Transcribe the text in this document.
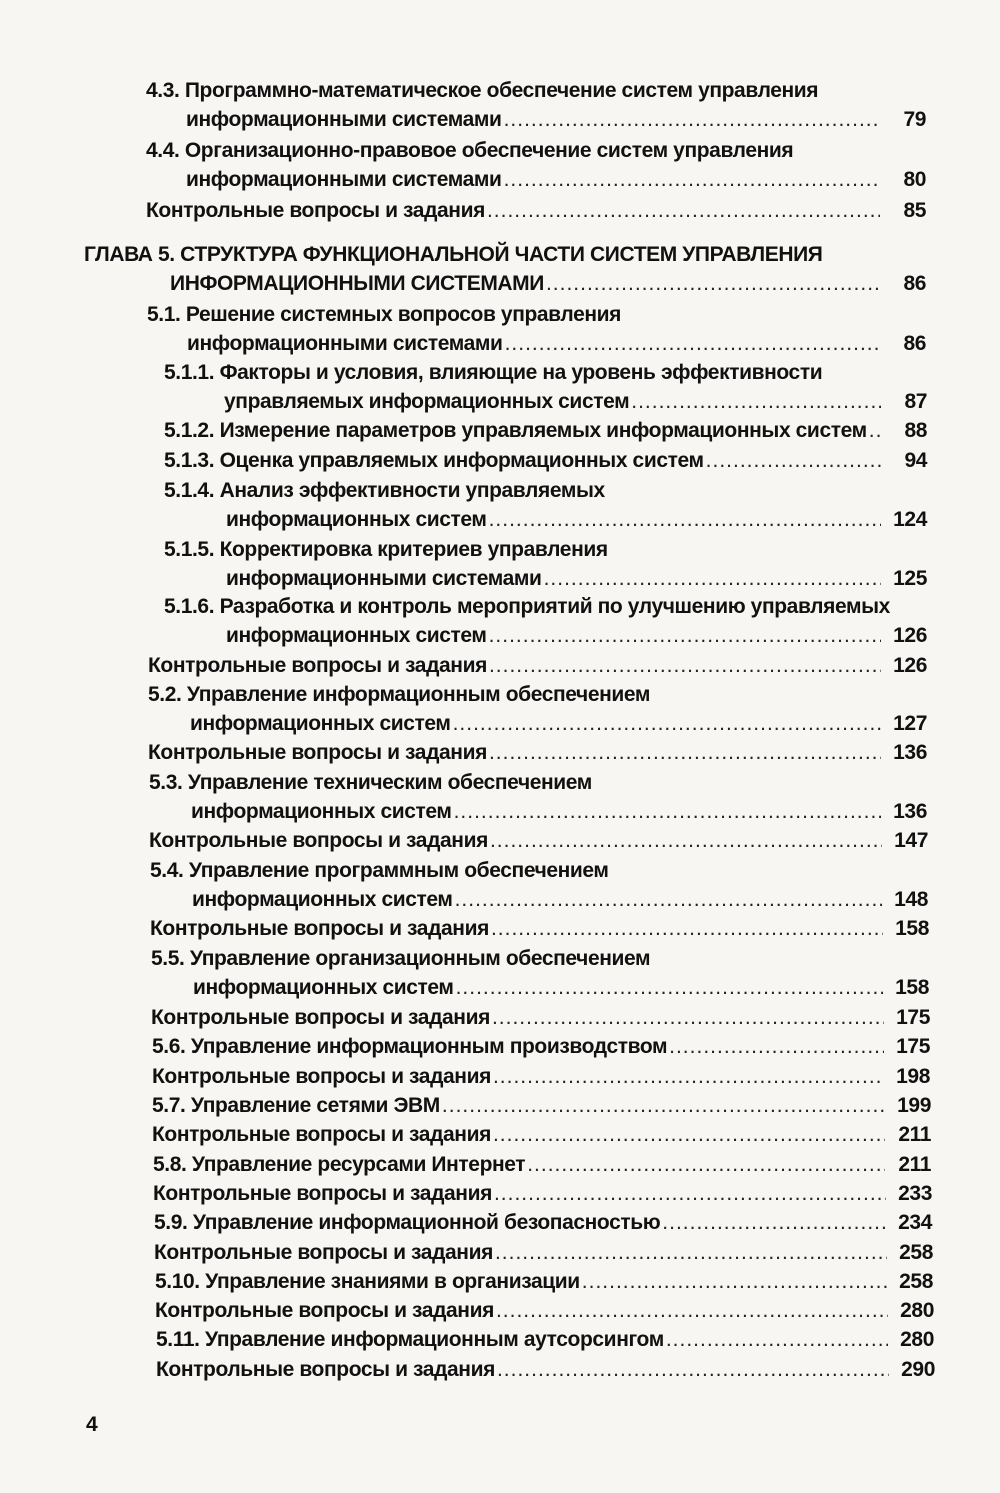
4.3. Программно-математическое обеспечение систем управления
информационными системами .....	79
4.4. Организационно-правовое обеспечение систем управления
информационными системами .....	80
Контрольные вопросы и задания .....	85
ГЛАВА 5. СТРУКТУРА ФУНКЦИОНАЛЬНОЙ ЧАСТИ СИСТЕМ УПРАВЛЕНИЯ
ИНФОРМАЦИОННЫМИ СИСТЕМАМИ .....	86
5.1. Решение системных вопросов управления
информационными системами .....	86
5.1.1. Факторы и условия, влияющие на уровень эффективности
управляемых информационных систем .....	87
5.1.2. Измерение параметров управляемых информационных систем .....	88
5.1.3. Оценка управляемых информационных систем .....	94
5.1.4. Анализ эффективности управляемых
информационных систем .....	124
5.1.5. Корректировка критериев управления
информационными системами .....	125
5.1.6. Разработка и контроль мероприятий по улучшению управляемых
информационных систем .....	126
Контрольные вопросы и задания .....	126
5.2. Управление информационным обеспечением
информационных систем .....	127
Контрольные вопросы и задания .....	136
5.3. Управление техническим обеспечением
информационных систем .....	136
Контрольные вопросы и задания .....	147
5.4. Управление программным обеспечением
информационных систем .....	148
Контрольные вопросы и задания .....	158
5.5. Управление организационным обеспечением
информационных систем .....	158
Контрольные вопросы и задания .....	175
5.6. Управление информационным производством .....	175
Контрольные вопросы и задания .....	198
5.7. Управление сетями ЭВМ .....	199
Контрольные вопросы и задания .....	211
5.8. Управление ресурсами Интернет .....	211
Контрольные вопросы и задания .....	233
5.9. Управление информационной безопасностью .....	234
Контрольные вопросы и задания .....	258
5.10. Управление знаниями в организации .....	258
Контрольные вопросы и задания .....	280
5.11. Управление информационным аутсорсингом .....	280
Контрольные вопросы и задания .....	290
4
